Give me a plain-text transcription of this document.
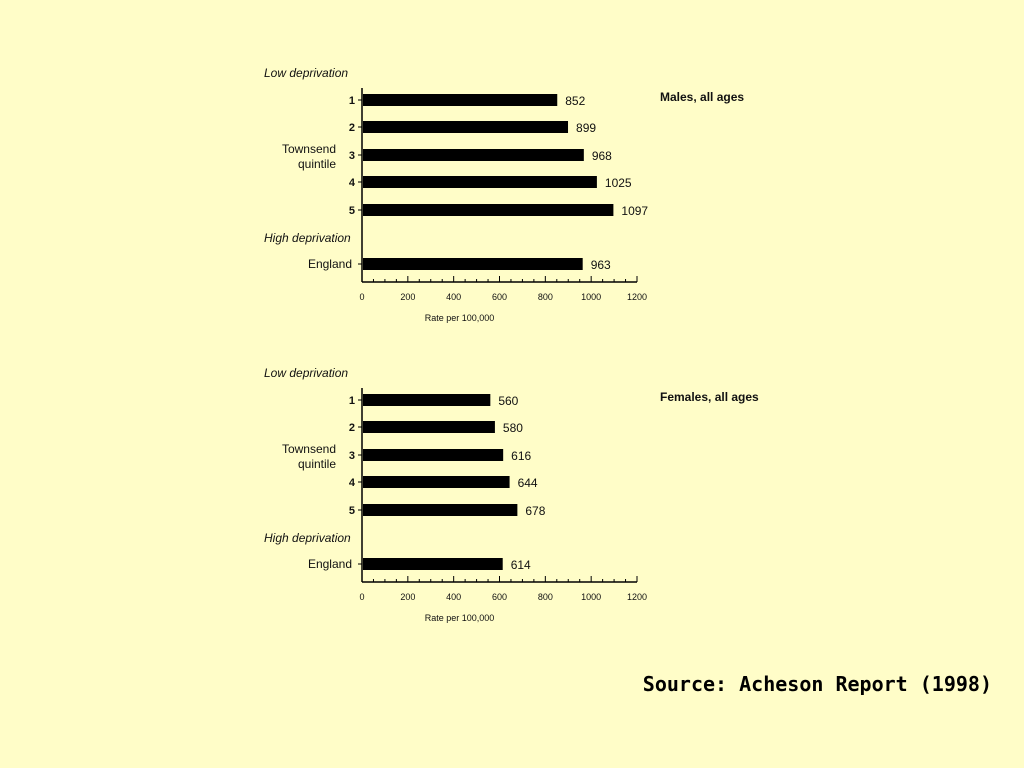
Low deprivation
High deprivation
Townsend
quintile
Males, all ages
1
2
3
4
5
England
852
899
968
1025
1097
963
0	200	400	600	800	1000	1200
Rate per 100,000
Low deprivation
High deprivation
Townsend
quintile
Females, all ages
1
2
3
4
5
England
560
580
616
644
678
614
0	200	400	600	800	1000	1200
Rate per 100,000
Source: Acheson Report (1998)
